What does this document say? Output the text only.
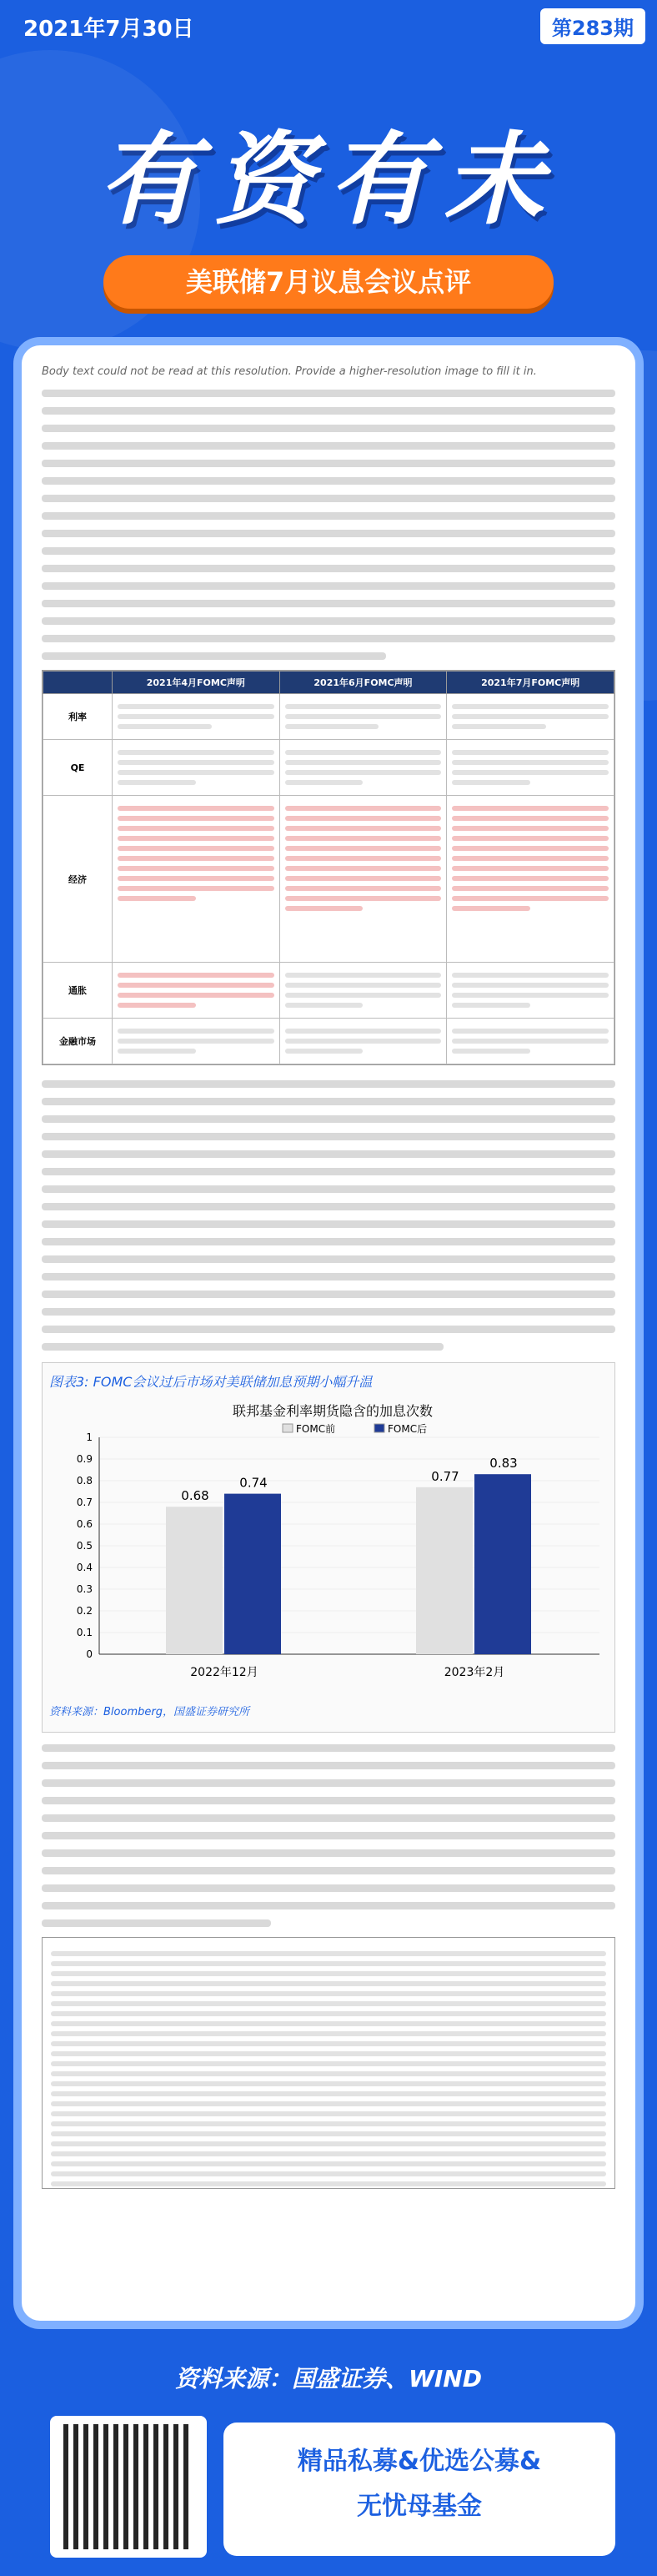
2021年7月30日	第283期
有资有未
美联储7月议息会议点评
Body text could not be read at this resolution. Provide a higher-resolution image to fill it in.
	2021年4月FOMC声明	2021年6月FOMC声明	2021年7月FOMC声明
利率	

QE	

经济	

通胀	

金融市场	

图表3: FOMC会议过后市场对美联储加息预期小幅升温
联邦基金利率期货隐含的加息次数
0
0.1
0.2
0.3
0.4
0.5
0.6
0.7
0.8
0.9
1
0.68
0.74
2022年12月
0.77
0.83
2023年2月
FOMC前	FOMC后
资料来源：Bloomberg，国盛证券研究所
资料来源：国盛证券、WIND
精品私募&优选公募&
无忧母基金
